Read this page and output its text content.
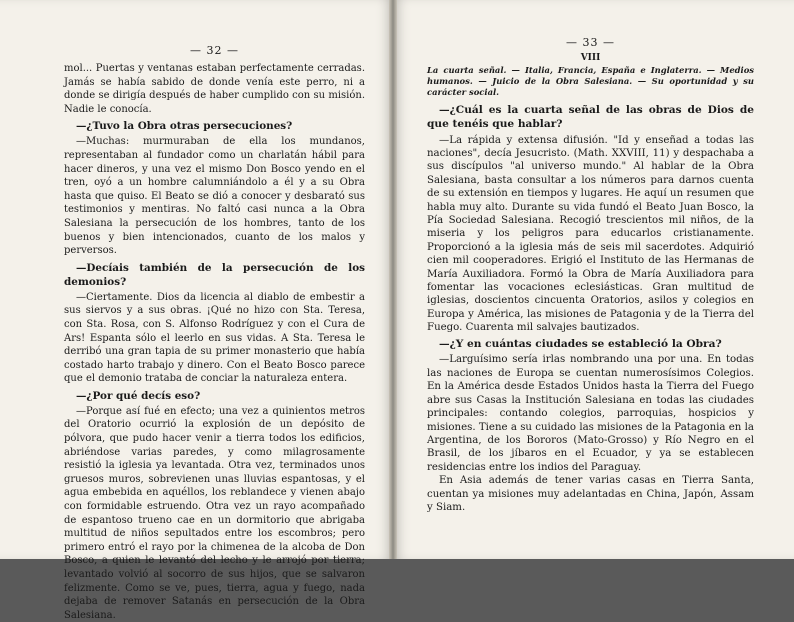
— 32 —

mol... Puertas y ventanas estaban perfectamente cerradas. Jamás se había sabido de donde venía este perro, ni a donde se dirigía después de haber cumplido con su misión. Nadie le conocía.

—¿Tuvo la Obra otras persecuciones?

—Muchas: murmuraban de ella los mundanos, representaban al fundador como un charlatán hábil para hacer dineros, y una vez el mismo Don Bosco yendo en el tren, oyó a un hombre calumniándolo a él y a su Obra hasta que quiso. El Beato se dió a conocer y desbarató sus testimonios y mentiras. No faltó casi nunca a la Obra Salesiana la persecución de los hombres, tanto de los buenos y bien intencionados, cuanto de los malos y perversos.

—Decíais también de la persecución de los demonios?

—Ciertamente. Dios da licencia al diablo de embestir a sus siervos y a sus obras. ¡Qué no hizo con Sta. Teresa, con Sta. Rosa, con S. Alfonso Rodríguez y con el Cura de Ars! Espanta sólo el leerlo en sus vidas. A Sta. Teresa le derribó una gran tapia de su primer monasterio que había costado harto trabajo y dinero. Con el Beato Bosco parece que el demonio trataba de conciar la naturaleza entera.

—¿Por qué decís eso?

—Porque así fué en efecto; una vez a quinientos metros del Oratorio ocurrió la explosión de un depósito de pólvora, que pudo hacer venir a tierra todos los edificios, abriéndose varias paredes, y como milagrosamente resistió la iglesia ya levantada. Otra vez, terminados unos gruesos muros, sobrevienen unas lluvias espantosas, y el agua embebida en aquéllos, los reblandece y vienen abajo con formidable estruendo. Otra vez un rayo acompañado de espantoso trueno cae en un dormitorio que abrigaba multitud de niños sepultados entre los escombros; pero primero entró el rayo por la chimenea de la alcoba de Don Bosco, a quien le levantó del lecho y le arrojó por tierra; levantado volvió al socorro de sus hijos, que se salvaron felizmente. Como se ve, pues, tierra, agua y fuego, nada dejaba de remover Satanás en persecución de la Obra Salesiana.

— 33 —
VIII
La cuarta señal. — Italia, Francia, España e Inglaterra. — Medios humanos. — Juicio de la Obra Salesiana. — Su oportunidad y su carácter social.

—¿Cuál es la cuarta señal de las obras de Dios de que tenéis que hablar?

—La rápida y extensa difusión. "Id y enseñad a todas las naciones", decía Jesucristo. (Math. XXVIII, 11) y despachaba a sus discípulos "al universo mundo." Al hablar de la Obra Salesiana, basta consultar a los números para darnos cuenta de su extensión en tiempos y lugares. He aquí un resumen que habla muy alto. Durante su vida fundó el Beato Juan Bosco, la Pía Sociedad Salesiana. Recogió trescientos mil niños, de la miseria y los peligros para educarlos cristianamente. Proporcionó a la iglesia más de seis mil sacerdotes. Adquirió cien mil cooperadores. Erigió el Instituto de las Hermanas de María Auxiliadora. Formó la Obra de María Auxiliadora para fomentar las vocaciones eclesiásticas. Gran multitud de iglesias, doscientos cincuenta Oratorios, asilos y colegios en Europa y América, las misiones de Patagonia y de la Tierra del Fuego. Cuarenta mil salvajes bautizados.

—¿Y en cuántas ciudades se estableció la Obra?

—Larguísimo sería irlas nombrando una por una. En todas las naciones de Europa se cuentan numerosísimos Colegios. En la América desde Estados Unidos hasta la Tierra del Fuego abre sus Casas la Institución Salesiana en todas las ciudades principales: contando colegios, parroquias, hospicios y misiones. Tiene a su cuidado las misiones de la Patagonia en la Argentina, de los Bororos (Mato-Grosso) y Río Negro en el Brasil, de los jíbaros en el Ecuador, y ya se establecen residencias entre los indios del Paraguay.

En Asia además de tener varias casas en Tierra Santa, cuentan ya misiones muy adelantadas en China, Japón, Assam y Siam.
